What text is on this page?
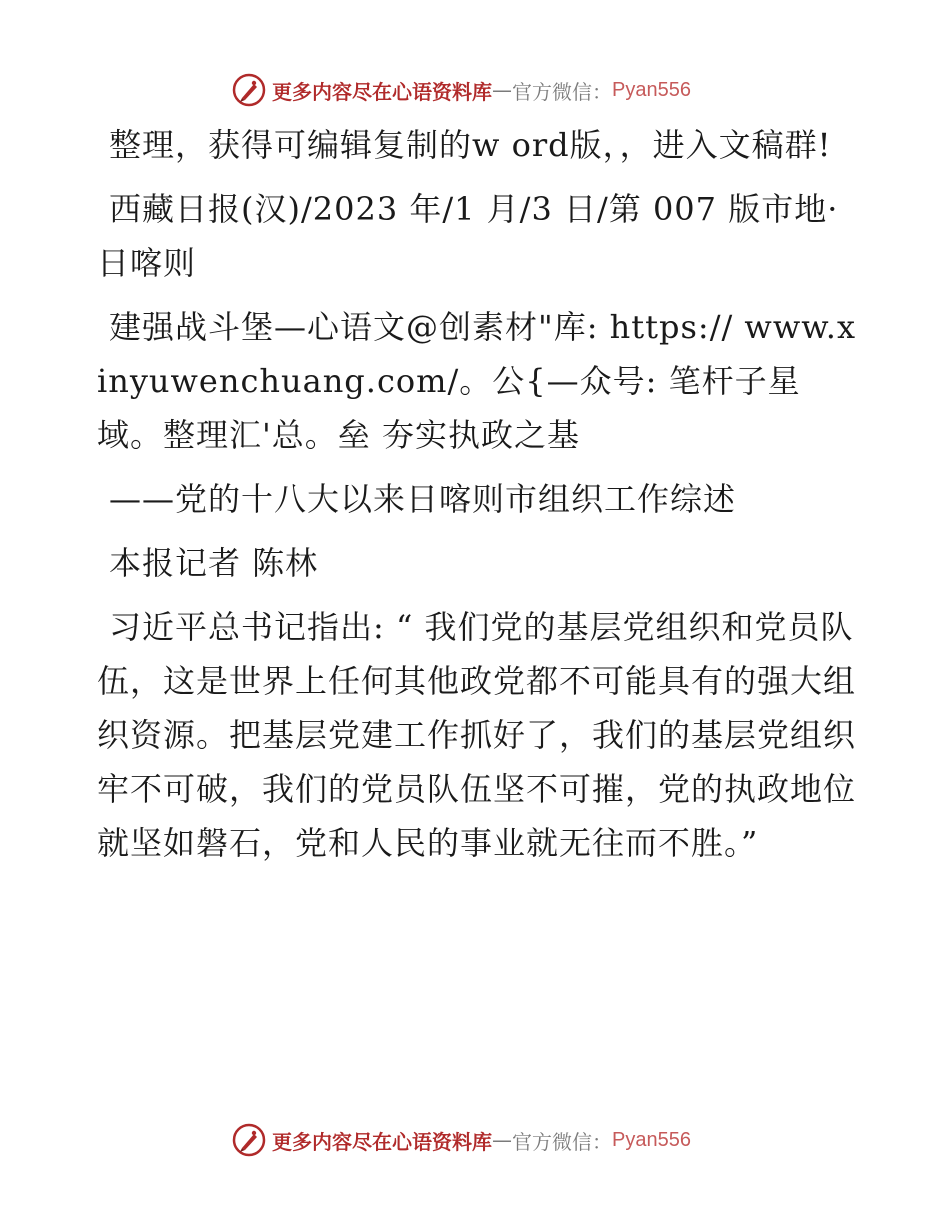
更多内容尽在心语资料库 — 官方微信： Pyan556

整理，获得可编辑复制的w ord版，，进入文稿群!

西藏日报(汉)/2023 年/1 月/3 日/第 007 版市地· 日喀则

建强战斗堡—心语文@创素材"库: https:// www.xinyuwenchuang.com/。公{—众号: 笔杆子星域。整理汇'总。垒 夯实执政之基

——党的十八大以来日喀则市组织工作综述

本报记者 陈林

习近平总书记指出: “ 我们党的基层党组织和党员队伍，这是世界上任何其他政党都不可能具有的强大组织资源。把基层党建工作抓好了，我们的基层党组织牢不可破，我们的党员队伍坚不可摧，党的执政地位就坚如磐石，党和人民的事业就无往而不胜。”

更多内容尽在心语资料库 — 官方微信： Pyan556
